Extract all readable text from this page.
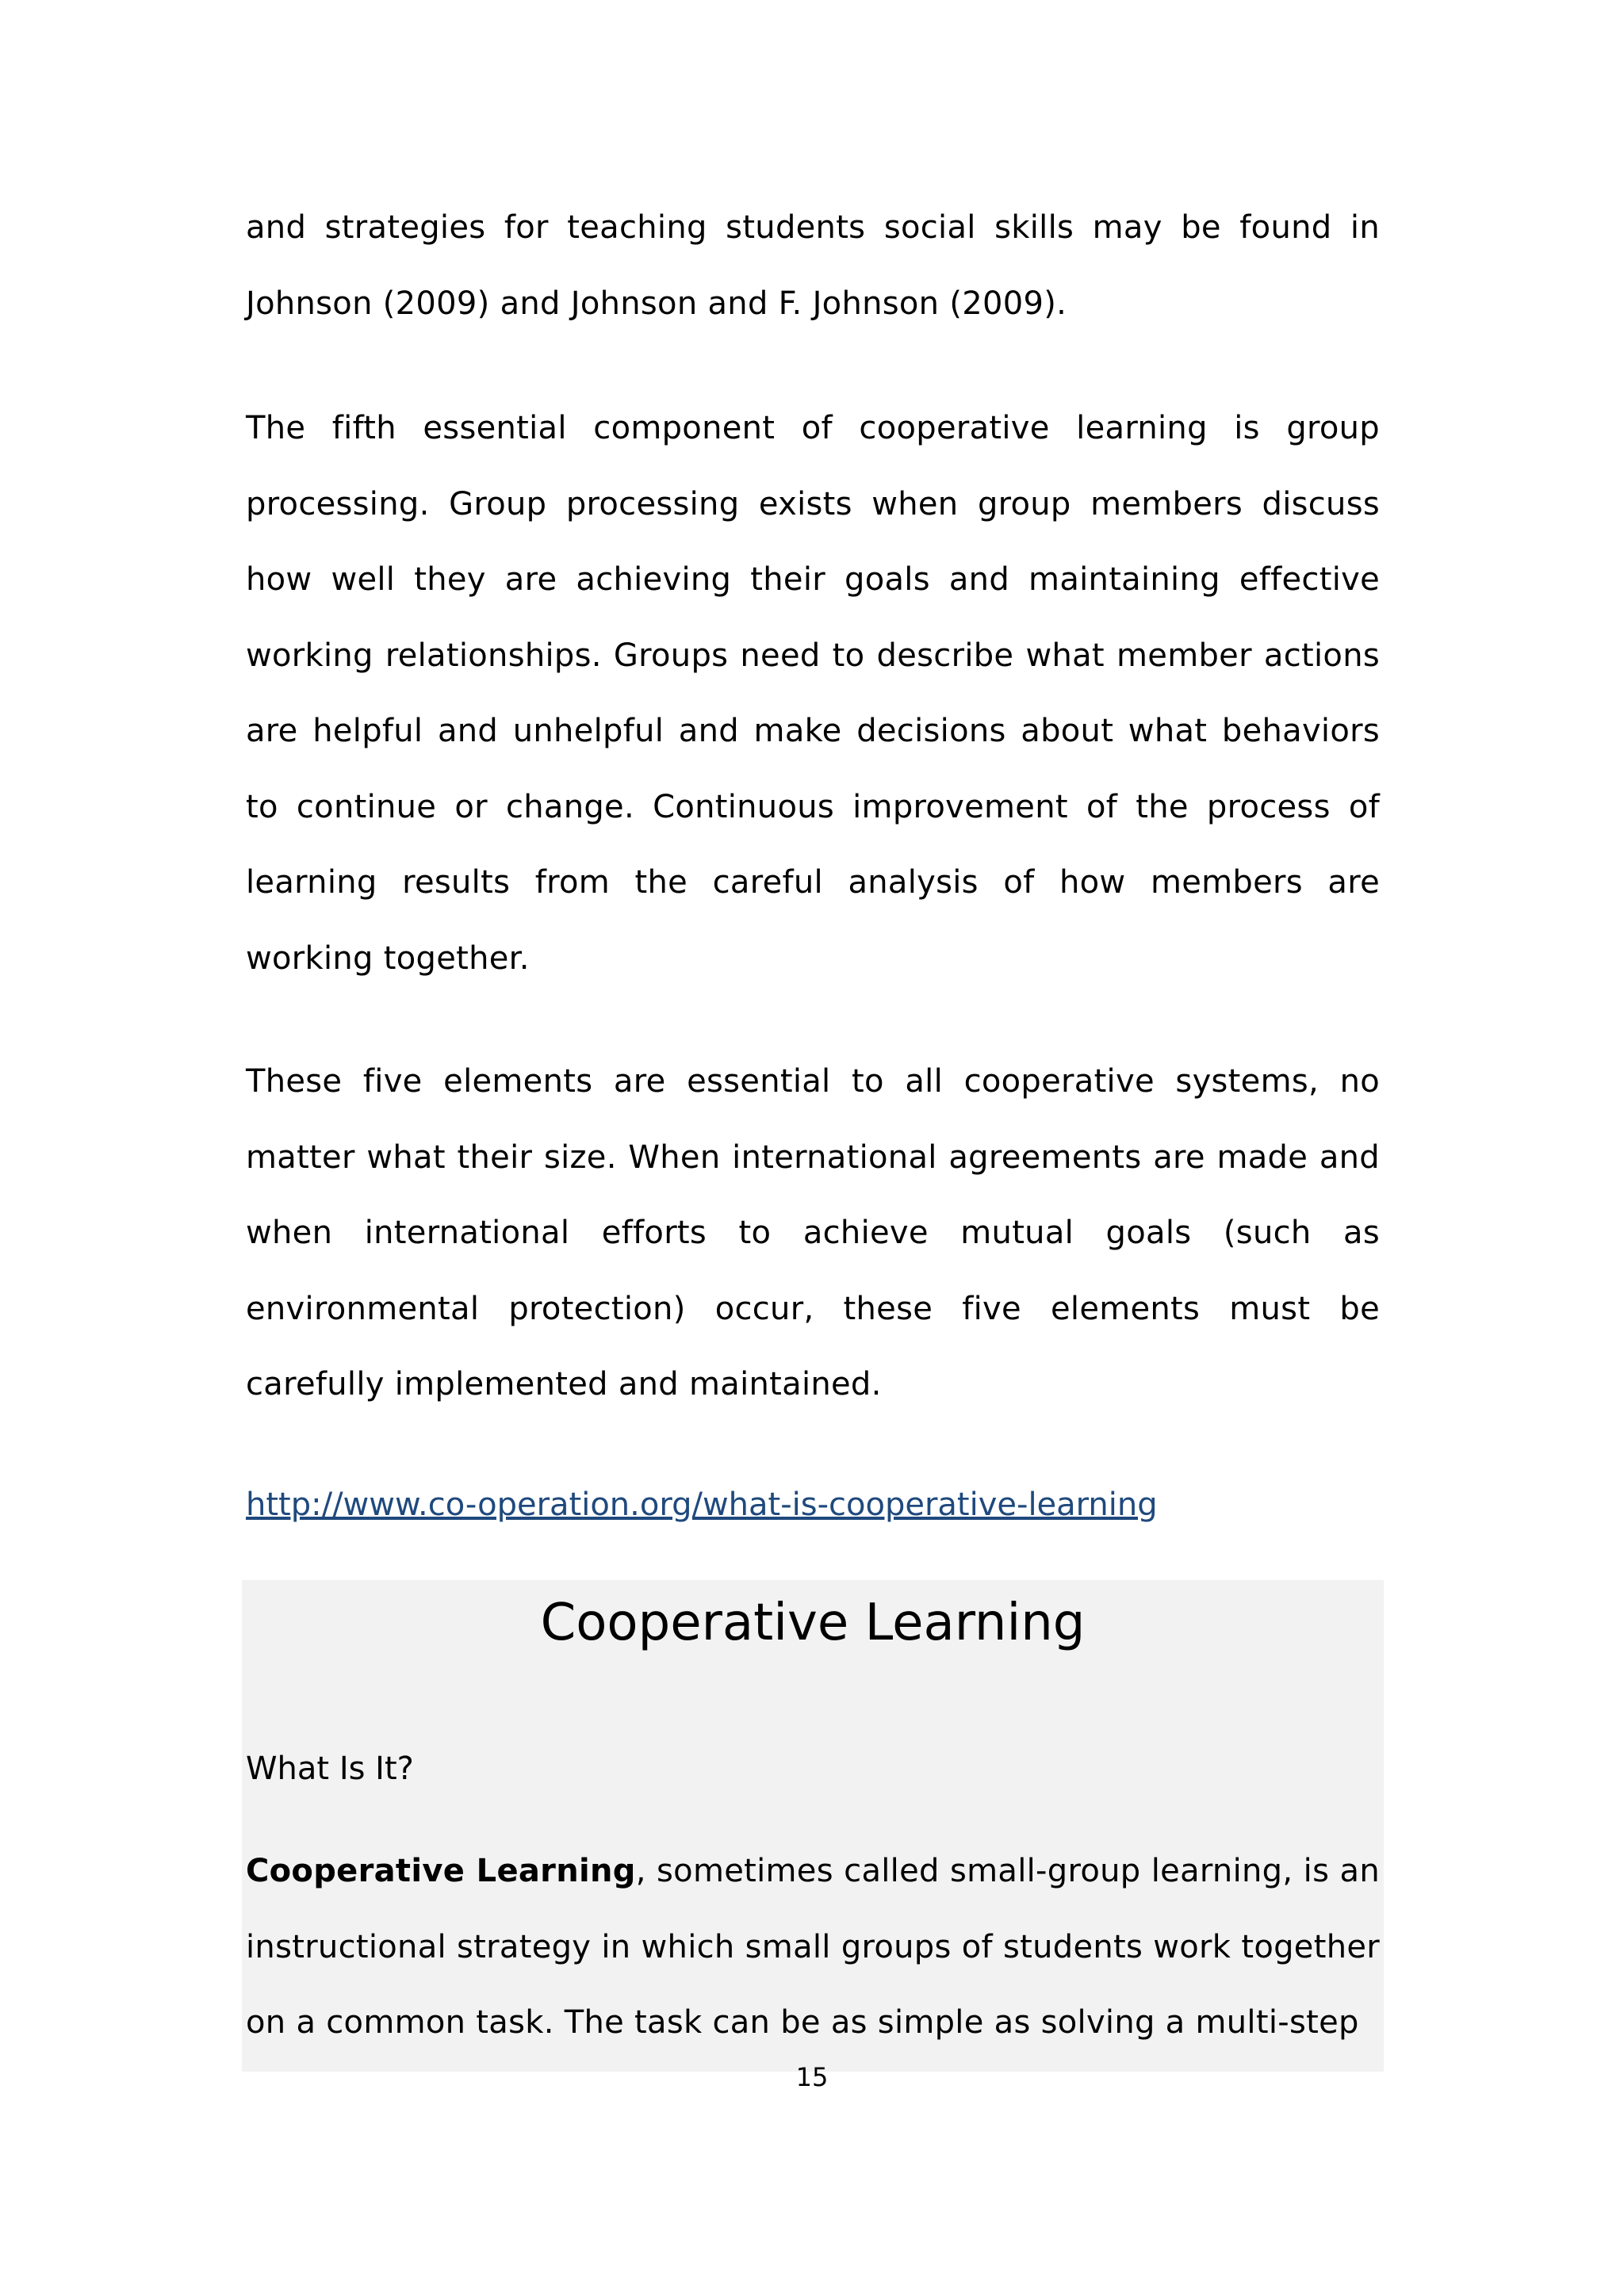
and strategies for teaching students social skills may be found in Johnson (2009) and Johnson and F. Johnson (2009).

The fifth essential component of cooperative learning is group processing. Group processing exists when group members discuss how well they are achieving their goals and maintaining effective working relationships. Groups need to describe what member actions are helpful and unhelpful and make decisions about what behaviors to continue or change. Continuous improvement of the process of learning results from the careful analysis of how members are working together.

These five elements are essential to all cooperative systems, no matter what their size. When international agreements are made and when international efforts to achieve mutual goals (such as environmental protection) occur, these five elements must be carefully implemented and maintained.

http://www.co-operation.org/what-is-cooperative-learning
Cooperative Learning
What Is It?

Cooperative Learning, sometimes called small-group learning, is an instructional strategy in which small groups of students work together on a common task. The task can be as simple as solving a multi-step

15
